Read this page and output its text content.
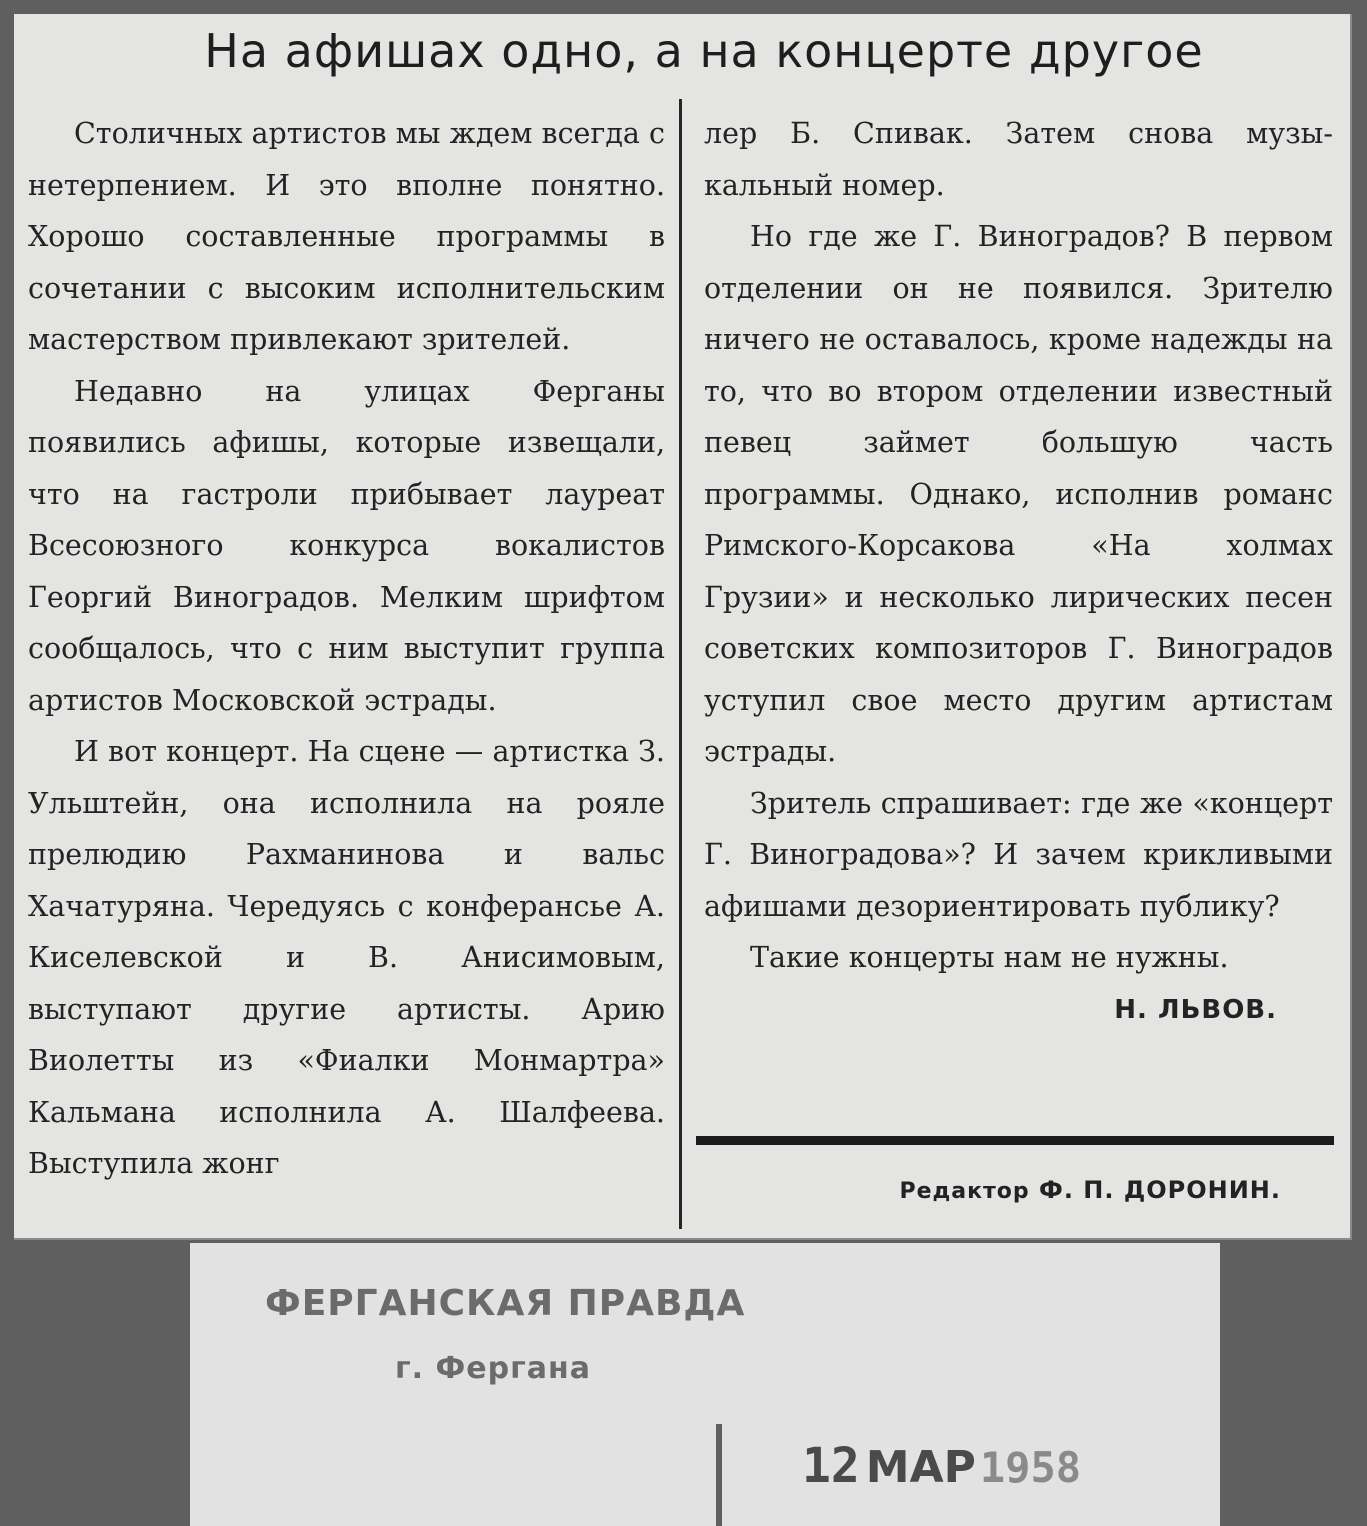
На афишах одно, а на концерте другое

Столичных артистов мы ждем всегда с нетерпением. И это вполне понятно. Хорошо составленные программы в сочетании с высоким исполнительским мастерством привлекают зрителей.

Недавно на улицах Ферганы появились афишы, которые извещали, что на гастроли прибывает лауреат Всесоюзного конкурса вокалистов Георгий Виноградов. Мелким шрифтом сообщалось, что с ним выступит группа артистов Московской эстрады.

И вот концерт. На сцене — артистка З. Ульштейн, она исполнила на рояле прелюдию Рахманинова и вальс Хачатуряна. Чередуясь с конферансье А. Киселевской и В. Анисимовым, выступают другие артисты. Арию Виолетты из «Фиалки Монмартра» Кальмана исполнила А. Шалфеева. Выступила жонг

лер Б. Спивак. Затем снова музыкальный номер.

Но где же Г. Виноградов? В первом отделении он не появился. Зрителю ничего не оставалось, кроме надежды на то, что во втором отделении известный певец займет большую часть программы. Однако, исполнив романс Римского-Корсакова «На холмах Грузии» и несколько лирических песен советских композиторов Г. Виноградов уступил свое место другим артистам эстрады.

Зритель спрашивает: где же «концерт Г. Виноградова»? И зачем крикливыми афишами дезориентировать публику?

Такие концерты нам не нужны.

Н. ЛЬВОВ.
Редактор Ф. П. ДОРОНИН.
ФЕРГАНСКАЯ ПРАВДА
г. Фергана
12 МАР1958
